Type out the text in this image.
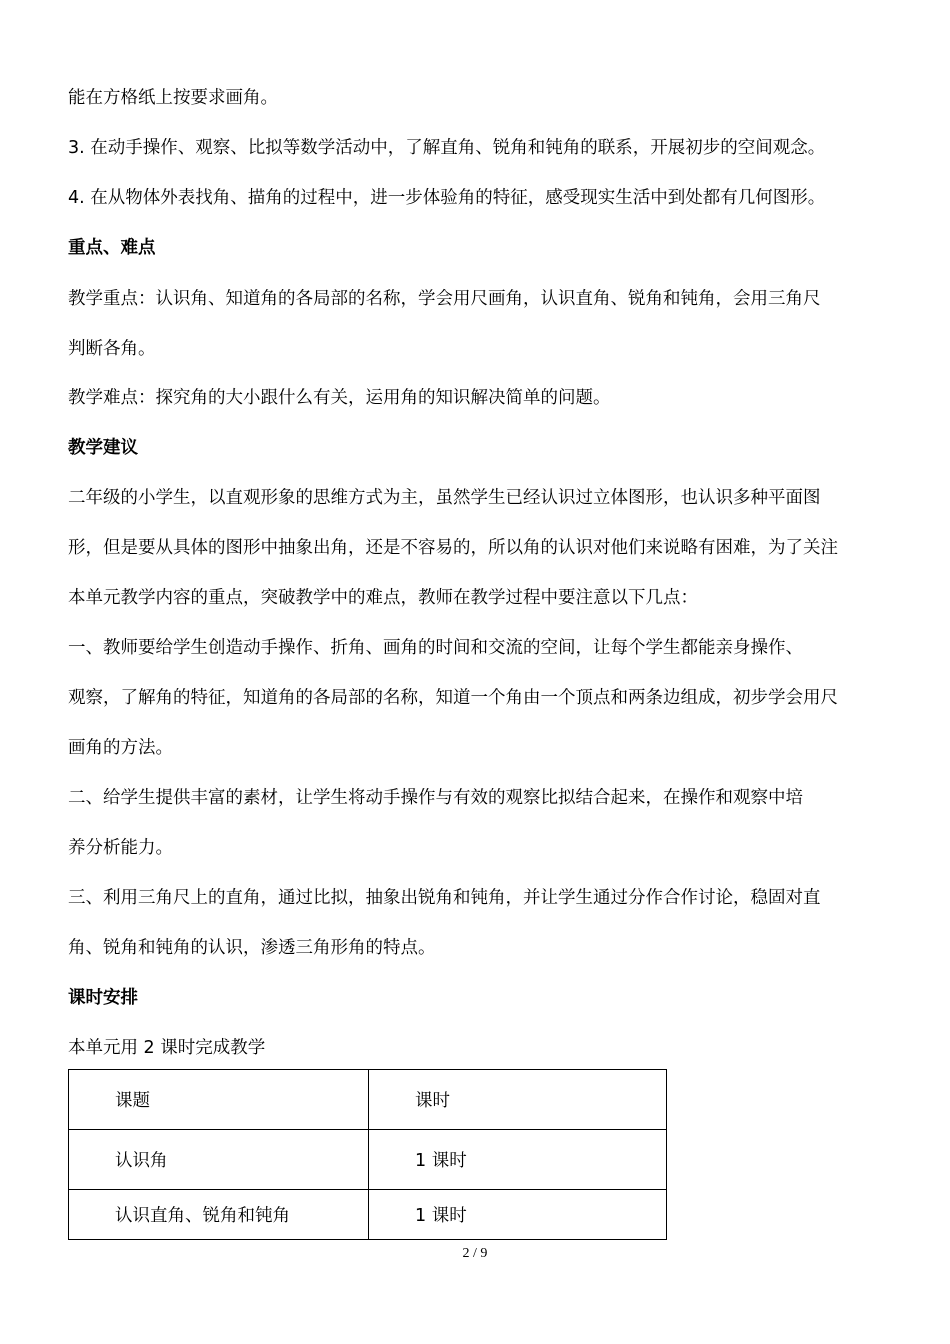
能在方格纸上按要求画角。
3. 在动手操作、观察、比拟等数学活动中，了解直角、锐角和钝角的联系，开展初步的空间观念。
4. 在从物体外表找角、描角的过程中，进一步体验角的特征，感受现实生活中到处都有几何图形。
重点、难点
教学重点：认识角、知道角的各局部的名称，学会用尺画角，认识直角、锐角和钝角，会用三角尺
判断各角。
教学难点：探究角的大小跟什么有关，运用角的知识解决简单的问题。
教学建议
二年级的小学生，以直观形象的思维方式为主，虽然学生已经认识过立体图形，也认识多种平面图
形，但是要从具体的图形中抽象出角，还是不容易的，所以角的认识对他们来说略有困难，为了关注
本单元教学内容的重点，突破教学中的难点，教师在教学过程中要注意以下几点：
一、教师要给学生创造动手操作、折角、画角的时间和交流的空间，让每个学生都能亲身操作、
观察，了解角的特征，知道角的各局部的名称，知道一个角由一个顶点和两条边组成，初步学会用尺
画角的方法。
二、给学生提供丰富的素材，让学生将动手操作与有效的观察比拟结合起来，在操作和观察中培
养分析能力。
三、利用三角尺上的直角，通过比拟，抽象出锐角和钝角，并让学生通过分作合作讨论，稳固对直
角、锐角和钝角的认识，渗透三角形角的特点。
课时安排
本单元用 2 课时完成教学
课题	课时
认识角	1 课时
认识直角、锐角和钝角	1 课时
2 / 9
